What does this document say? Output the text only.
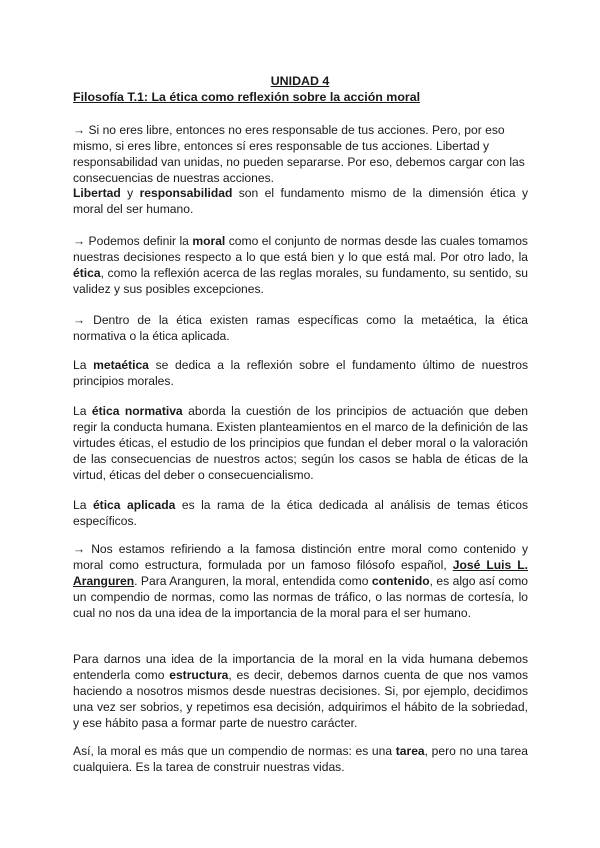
UNIDAD 4
Filosofía T.1: La ética como reflexión sobre la acción moral
→ Si no eres libre, entonces no eres responsable de tus acciones. Pero, por eso mismo, si eres libre, entonces sí eres responsable de tus acciones. Libertad y responsabilidad van unidas, no pueden separarse. Por eso, debemos cargar con las consecuencias de nuestras acciones.
Libertad y responsabilidad son el fundamento mismo de la dimensión ética y moral del ser humano.
→ Podemos definir la moral como el conjunto de normas desde las cuales tomamos nuestras decisiones respecto a lo que está bien y lo que está mal. Por otro lado, la ética, como la reflexión acerca de las reglas morales, su fundamento, su sentido, su validez y sus posibles excepciones.
→ Dentro de la ética existen ramas específicas como la metaética, la ética normativa o la ética aplicada.
La metaética se dedica a la reflexión sobre el fundamento último de nuestros principios morales.
La ética normativa aborda la cuestión de los principios de actuación que deben regir la conducta humana. Existen planteamientos en el marco de la definición de las virtudes éticas, el estudio de los principios que fundan el deber moral o la valoración de las consecuencias de nuestros actos; según los casos se habla de éticas de la virtud, éticas del deber o consecuencialismo.
La ética aplicada es la rama de la ética dedicada al análisis de temas éticos específicos.
→ Nos estamos refiriendo a la famosa distinción entre moral como contenido y moral como estructura, formulada por un famoso filósofo español, José Luis L. Aranguren. Para Aranguren, la moral, entendida como contenido, es algo así como un compendio de normas, como las normas de tráfico, o las normas de cortesía, lo cual no nos da una idea de la importancia de la moral para el ser humano.
Para darnos una idea de la importancia de la moral en la vida humana debemos entenderla como estructura, es decir, debemos darnos cuenta de que nos vamos haciendo a nosotros mismos desde nuestras decisiones. Si, por ejemplo, decidimos una vez ser sobrios, y repetimos esa decisión, adquirimos el hábito de la sobriedad, y ese hábito pasa a formar parte de nuestro carácter.
Así, la moral es más que un compendio de normas: es una tarea, pero no una tarea cualquiera. Es la tarea de construir nuestras vidas.
